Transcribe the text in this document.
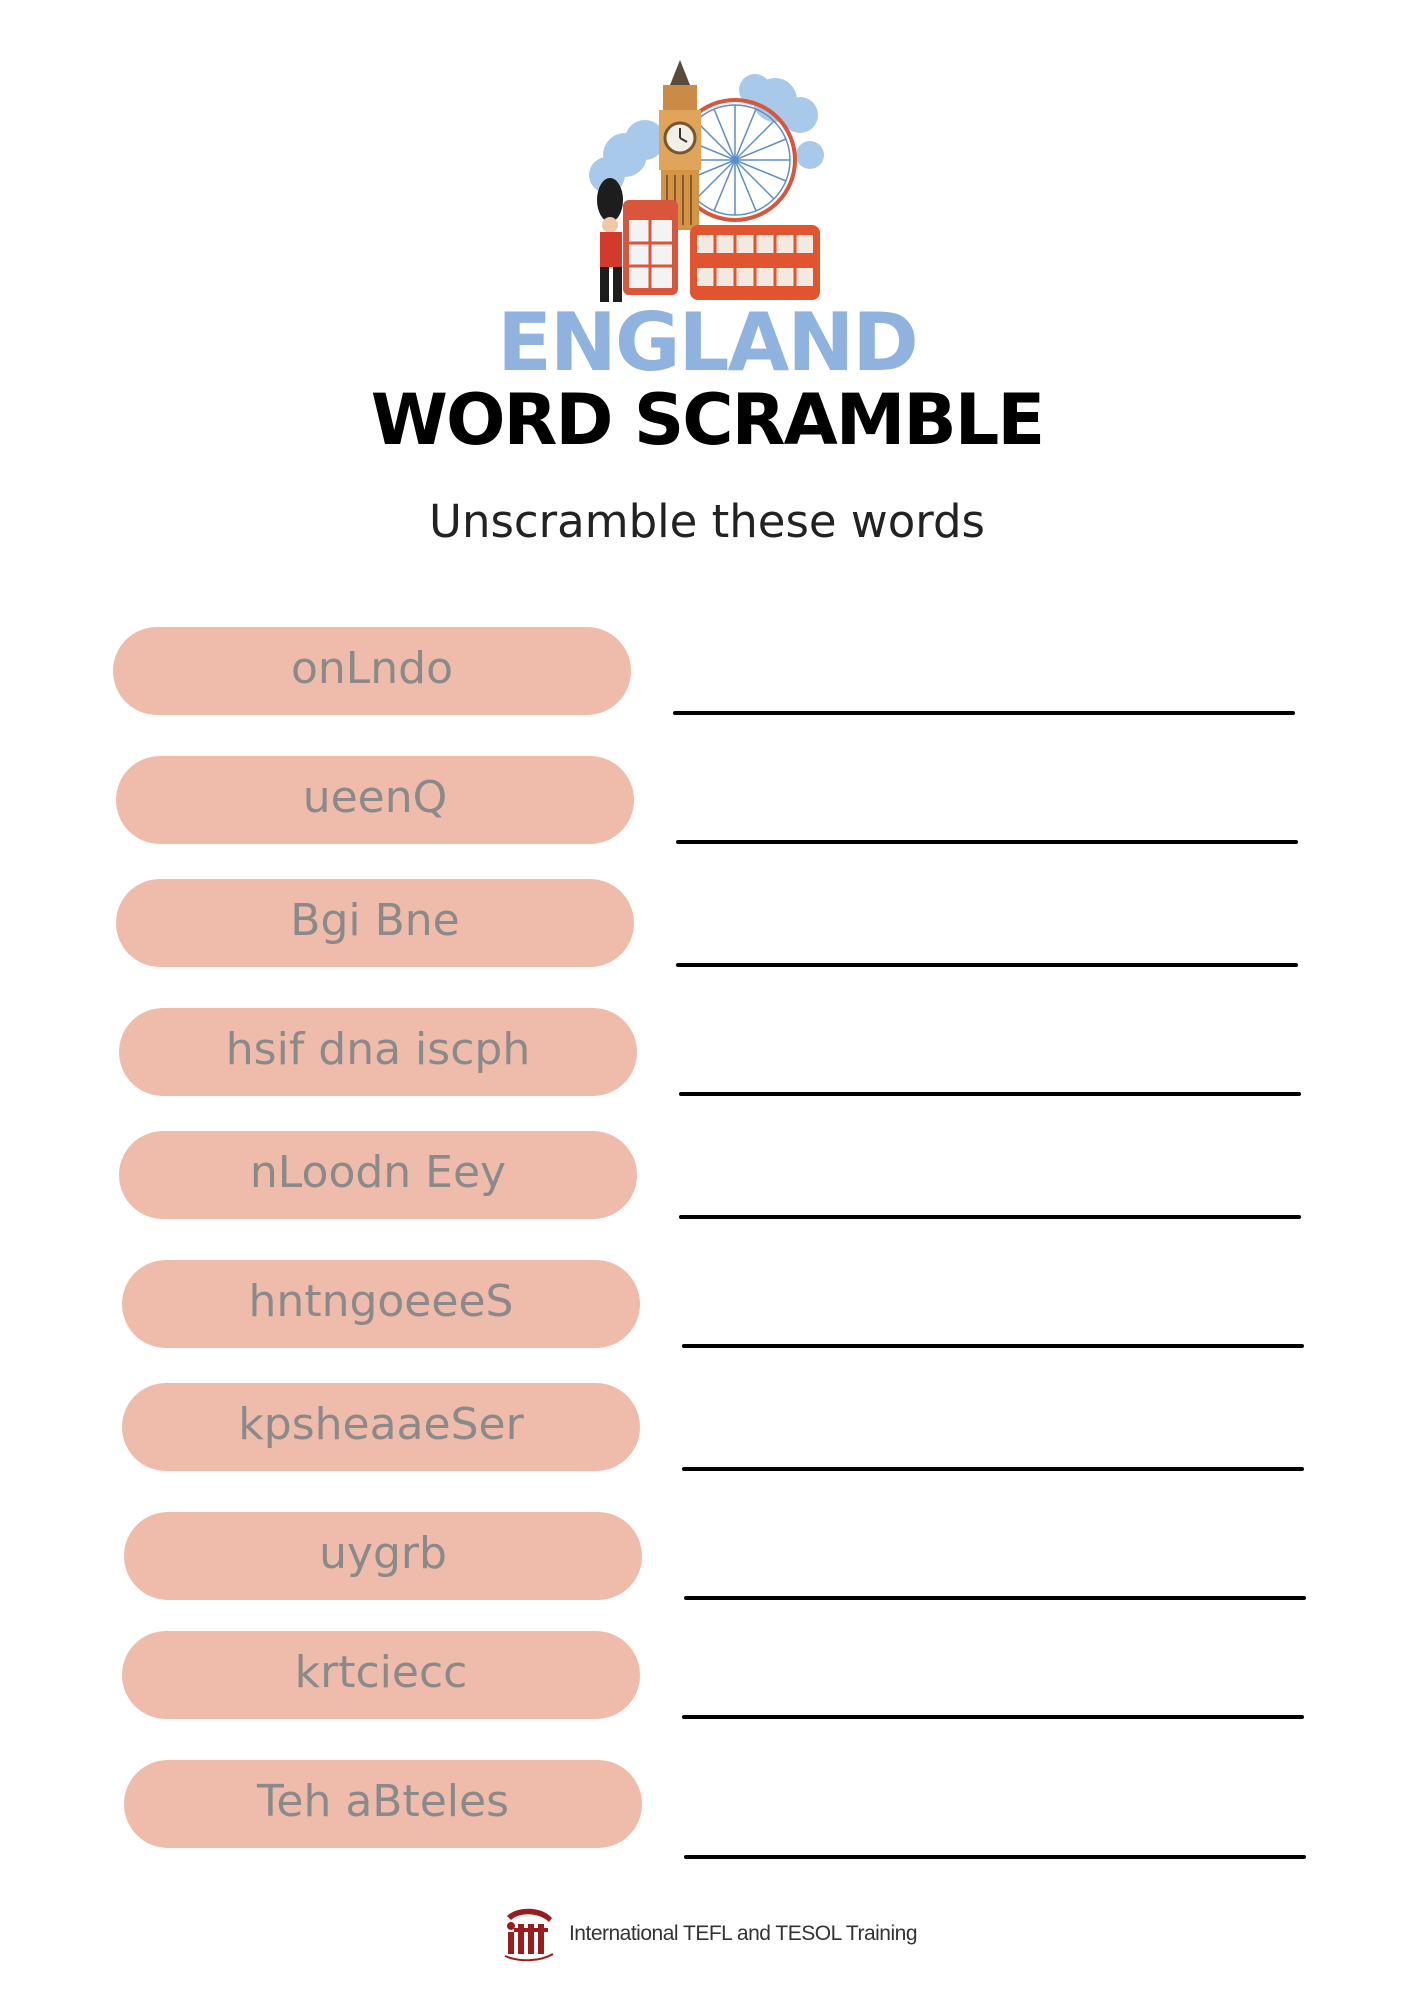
ENGLAND
WORD SCRAMBLE

Unscramble these words

onLndo
ueenQ
Bgi Bne
hsif dna iscph
nLoodn Eey
hntngoeeeS
kpsheaaeSer
uygrb
krtciecc
Teh aBteles
International TEFL and TESOL Training
